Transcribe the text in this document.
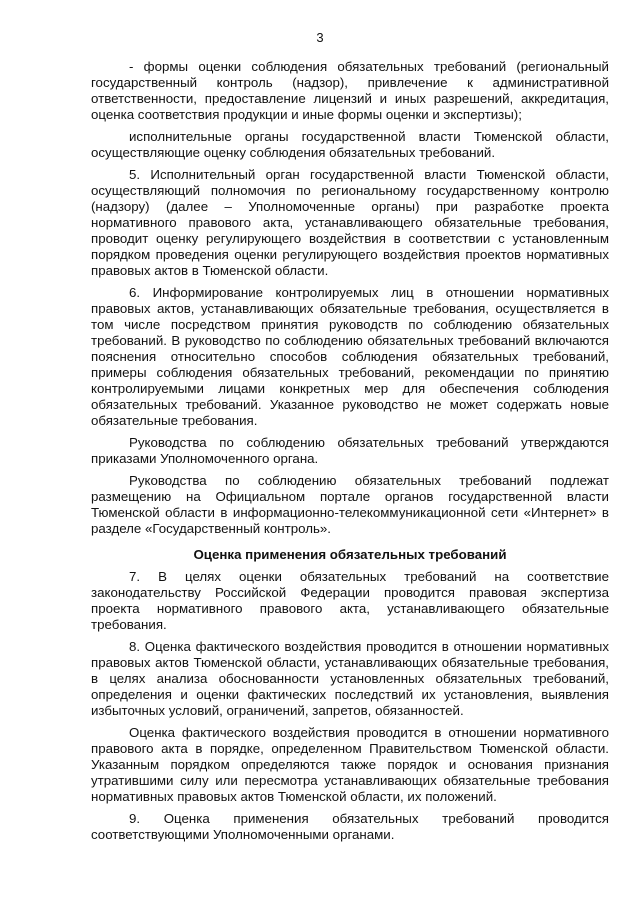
3

- формы оценки соблюдения обязательных требований (региональный государственный контроль (надзор), привлечение к административной ответственности, предоставление лицензий и иных разрешений, аккредитация, оценка соответствия продукции и иные формы оценки и экспертизы);

исполнительные органы государственной власти Тюменской области, осуществляющие оценку соблюдения обязательных требований.

5. Исполнительный орган государственной власти Тюменской области, осуществляющий полномочия по региональному государственному контролю (надзору) (далее – Уполномоченные органы) при разработке проекта нормативного правового акта, устанавливающего обязательные требования, проводит оценку регулирующего воздействия в соответствии с установленным порядком проведения оценки регулирующего воздействия проектов нормативных правовых актов в Тюменской области.

6. Информирование контролируемых лиц в отношении нормативных правовых актов, устанавливающих обязательные требования, осуществляется в том числе посредством принятия руководств по соблюдению обязательных требований. В руководство по соблюдению обязательных требований включаются пояснения относительно способов соблюдения обязательных требований, примеры соблюдения обязательных требований, рекомендации по принятию контролируемыми лицами конкретных мер для обеспечения соблюдения обязательных требований. Указанное руководство не может содержать новые обязательные требования.

Руководства по соблюдению обязательных требований утверждаются приказами Уполномоченного органа.

Руководства по соблюдению обязательных требований подлежат размещению на Официальном портале органов государственной власти Тюменской области в информационно-телекоммуникационной сети «Интернет» в разделе «Государственный контроль».

Оценка применения обязательных требований

7. В целях оценки обязательных требований на соответствие законодательству Российской Федерации проводится правовая экспертиза проекта нормативного правового акта, устанавливающего обязательные требования.

8. Оценка фактического воздействия проводится в отношении нормативных правовых актов Тюменской области, устанавливающих обязательные требования, в целях анализа обоснованности установленных обязательных требований, определения и оценки фактических последствий их установления, выявления избыточных условий, ограничений, запретов, обязанностей.

Оценка фактического воздействия проводится в отношении нормативного правового акта в порядке, определенном Правительством Тюменской области. Указанным порядком определяются также порядок и основания признания утратившими силу или пересмотра устанавливающих обязательные требования нормативных правовых актов Тюменской области, их положений.

9. Оценка применения обязательных требований проводится соответствующими Уполномоченными органами.
